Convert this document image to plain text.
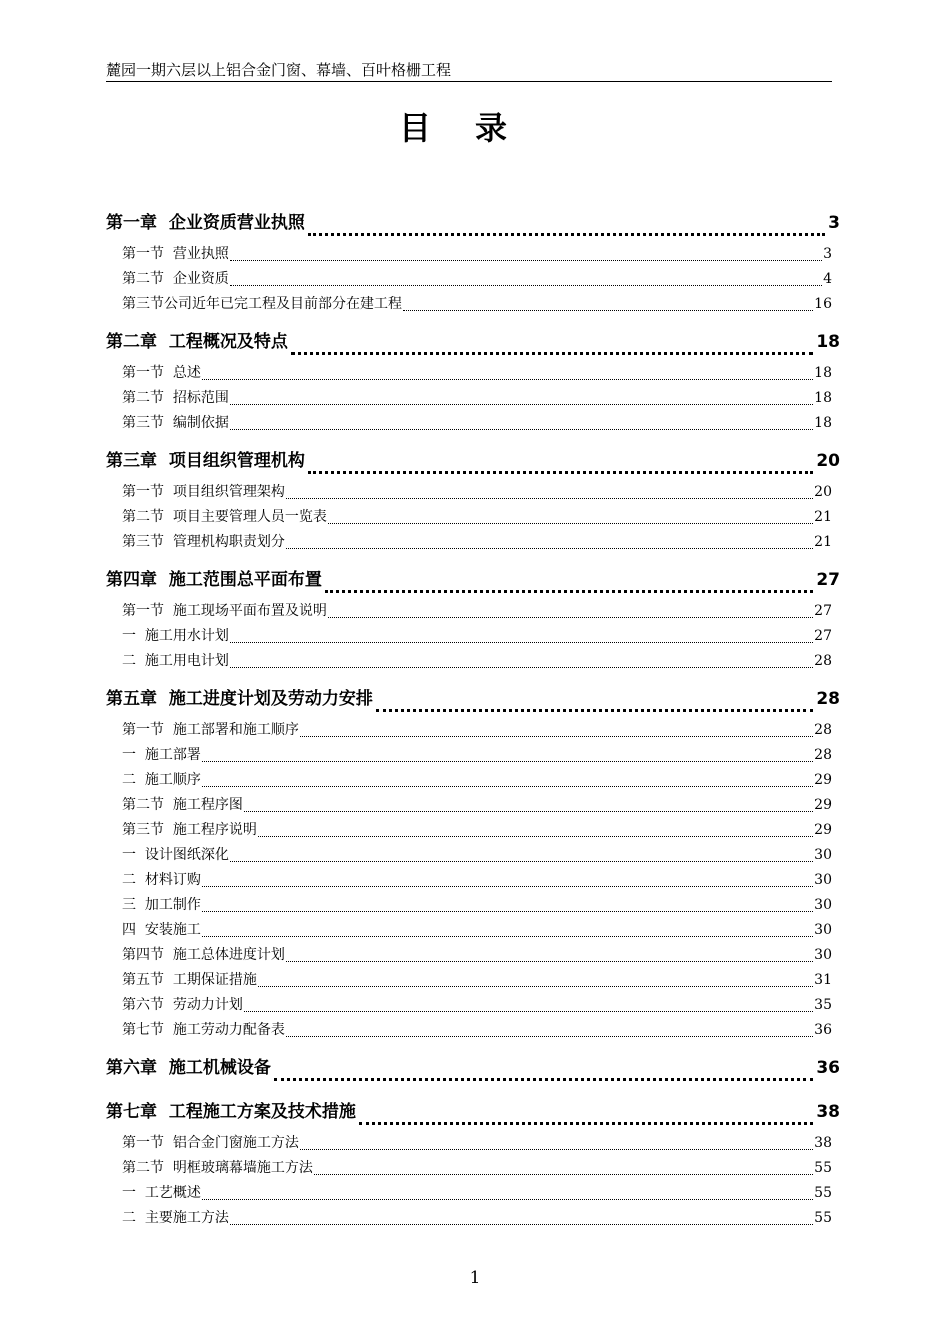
麓园一期六层以上铝合金门窗、幕墙、百叶格栅工程
目录
第一章  企业资质营业执照	3
第一节  营业执照	3
第二节  企业资质	4
第三节公司近年已完工程及目前部分在建工程	16
第二章  工程概况及特点	18
第一节  总述	18
第二节  招标范围	18
第三节  编制依据	18
第三章  项目组织管理机构	20
第一节  项目组织管理架构	20
第二节  项目主要管理人员一览表	21
第三节  管理机构职责划分	21
第四章  施工范围总平面布置	27
第一节  施工现场平面布置及说明	27
一  施工用水计划	27
二  施工用电计划	28
第五章  施工进度计划及劳动力安排	28
第一节  施工部署和施工顺序	28
一  施工部署	28
二  施工顺序	29
第二节  施工程序图	29
第三节  施工程序说明	29
一  设计图纸深化	30
二  材料订购	30
三  加工制作	30
四  安装施工	30
第四节  施工总体进度计划	30
第五节  工期保证措施	31
第六节  劳动力计划	35
第七节  施工劳动力配备表	36
第六章  施工机械设备	36
第七章  工程施工方案及技术措施	38
第一节  铝合金门窗施工方法	38
第二节  明框玻璃幕墙施工方法	55
一  工艺概述	55
二  主要施工方法	55
1
